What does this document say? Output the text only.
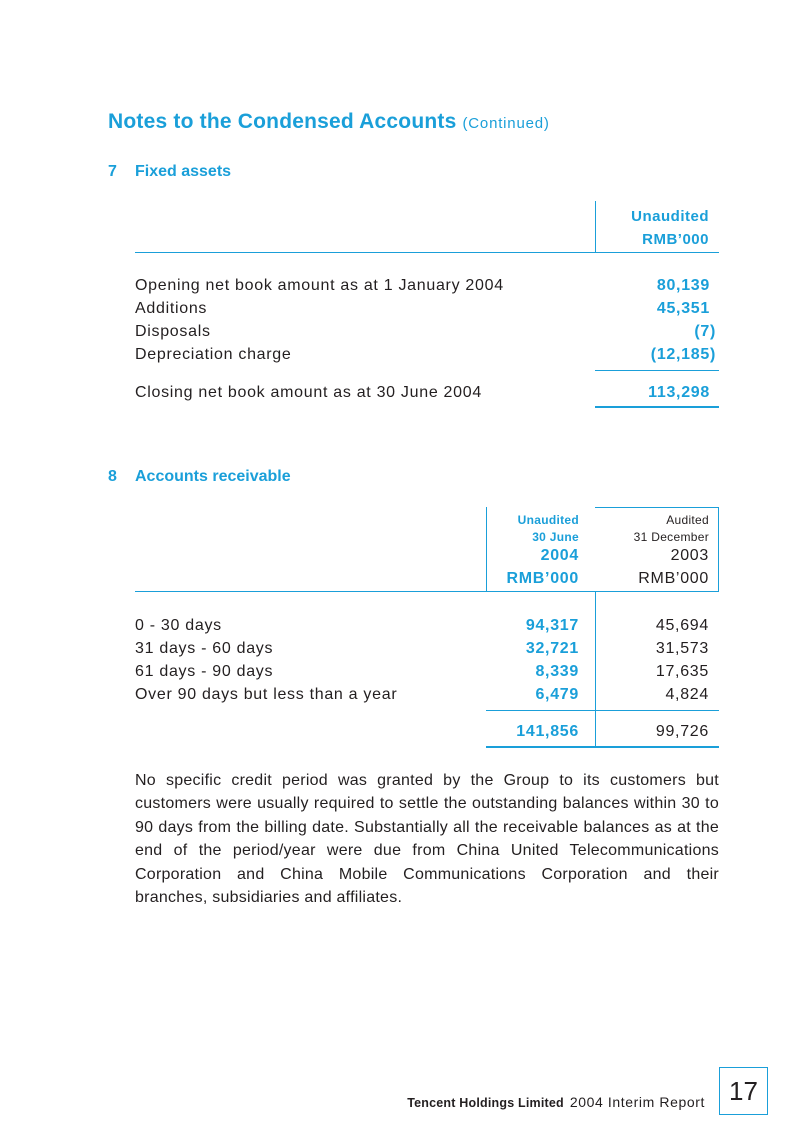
Notes to the Condensed Accounts (Continued)
7 Fixed assets
Unaudited
RMB’000
Opening net book amount as at 1 January 2004	80,139
Additions	45,351
Disposals	(7)
Depreciation charge	(12,185)
Closing net book amount as at 30 June 2004	113,298
8 Accounts receivable
Unaudited
30 June
2004
RMB’000
Audited
31 December
2003
RMB’000
0 - 30 days	94,317	45,694
31 days - 60 days	32,721	31,573
61 days - 90 days	8,339	17,635
Over 90 days but less than a year	6,479	4,824
141,856	99,726
No specific credit period was granted by the Group to its customers but customers were usually required to settle the outstanding balances within 30 to 90 days from the billing date. Substantially all the receivable balances as at the end of the period/year were due from China United Telecommunications Corporation and China Mobile Communications Corporation and their branches, subsidiaries and affiliates.
Tencent Holdings Limited 2004 Interim Report 17
